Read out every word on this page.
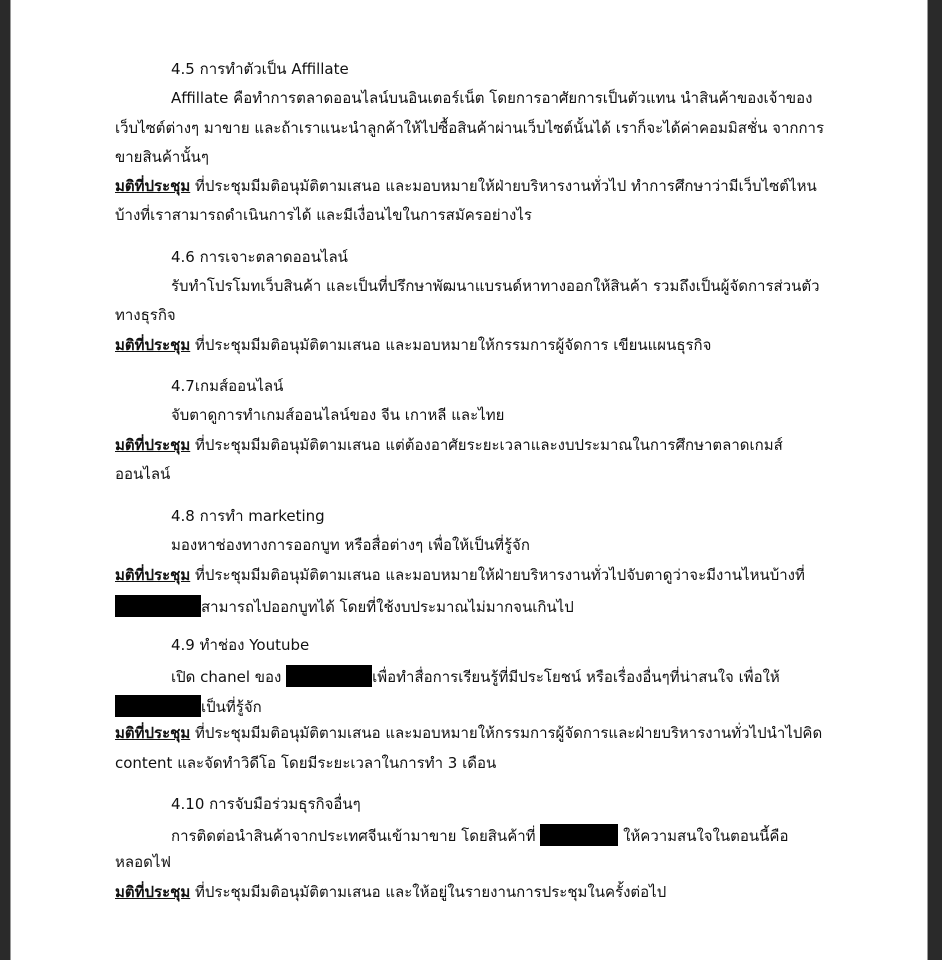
4.5 การทำตัวเป็น Affillate
Affillate คือทำการตลาดออนไลน์บนอินเตอร์เน็ต โดยการอาศัยการเป็นตัวแทน นำสินค้าของเจ้าของ
เว็บไซต์ต่างๆ มาขาย และถ้าเราแนะนำลูกค้าให้ไปซื้อสินค้าผ่านเว็บไซต์นั้นได้ เราก็จะได้ค่าคอมมิสชั่น จากการ
ขายสินค้านั้นๆ
มติที่ประชุม ที่ประชุมมีมติอนุมัติตามเสนอ และมอบหมายให้ฝ่ายบริหารงานทั่วไป ทำการศึกษาว่ามีเว็บไซต์ไหน
บ้างที่เราสามารถดำเนินการได้ และมีเงื่อนไขในการสมัครอย่างไร
4.6 การเจาะตลาดออนไลน์
รับทำโปรโมทเว็บสินค้า และเป็นที่ปรึกษาพัฒนาแบรนด์หาทางออกให้สินค้า รวมถึงเป็นผู้จัดการส่วนตัว
ทางธุรกิจ
มติที่ประชุม ที่ประชุมมีมติอนุมัติตามเสนอ และมอบหมายให้กรรมการผู้จัดการ เขียนแผนธุรกิจ
4.7เกมส์ออนไลน์
จับตาดูการทำเกมส์ออนไลน์ของ จีน เกาหลี และไทย
มติที่ประชุม ที่ประชุมมีมติอนุมัติตามเสนอ แต่ต้องอาศัยระยะเวลาและงบประมาณในการศึกษาตลาดเกมส์
ออนไลน์
4.8 การทำ marketing
มองหาช่องทางการออกบูท หรือสื่อต่างๆ เพื่อให้เป็นที่รู้จัก
มติที่ประชุม ที่ประชุมมีมติอนุมัติตามเสนอ และมอบหมายให้ฝ่ายบริหารงานทั่วไปจับตาดูว่าจะมีงานไหนบ้างที่
สามารถไปออกบูทได้ โดยที่ใช้งบประมาณไม่มากจนเกินไป
4.9 ทำช่อง Youtube
เปิด chanel ของ	เพื่อทำสื่อการเรียนรู้ที่มีประโยชน์ หรือเรื่องอื่นๆที่น่าสนใจ เพื่อให้
เป็นที่รู้จัก
มติที่ประชุม ที่ประชุมมีมติอนุมัติตามเสนอ และมอบหมายให้กรรมการผู้จัดการและฝ่ายบริหารงานทั่วไปนำไปคิด
content และจัดทำวิดีโอ โดยมีระยะเวลาในการทำ 3 เดือน
4.10 การจับมือร่วมธุรกิจอื่นๆ
การติดต่อนำสินค้าจากประเทศจีนเข้ามาขาย โดยสินค้าที่	ให้ความสนใจในตอนนี้คือ
หลอดไฟ
มติที่ประชุม ที่ประชุมมีมติอนุมัติตามเสนอ และให้อยู่ในรายงานการประชุมในครั้งต่อไป
